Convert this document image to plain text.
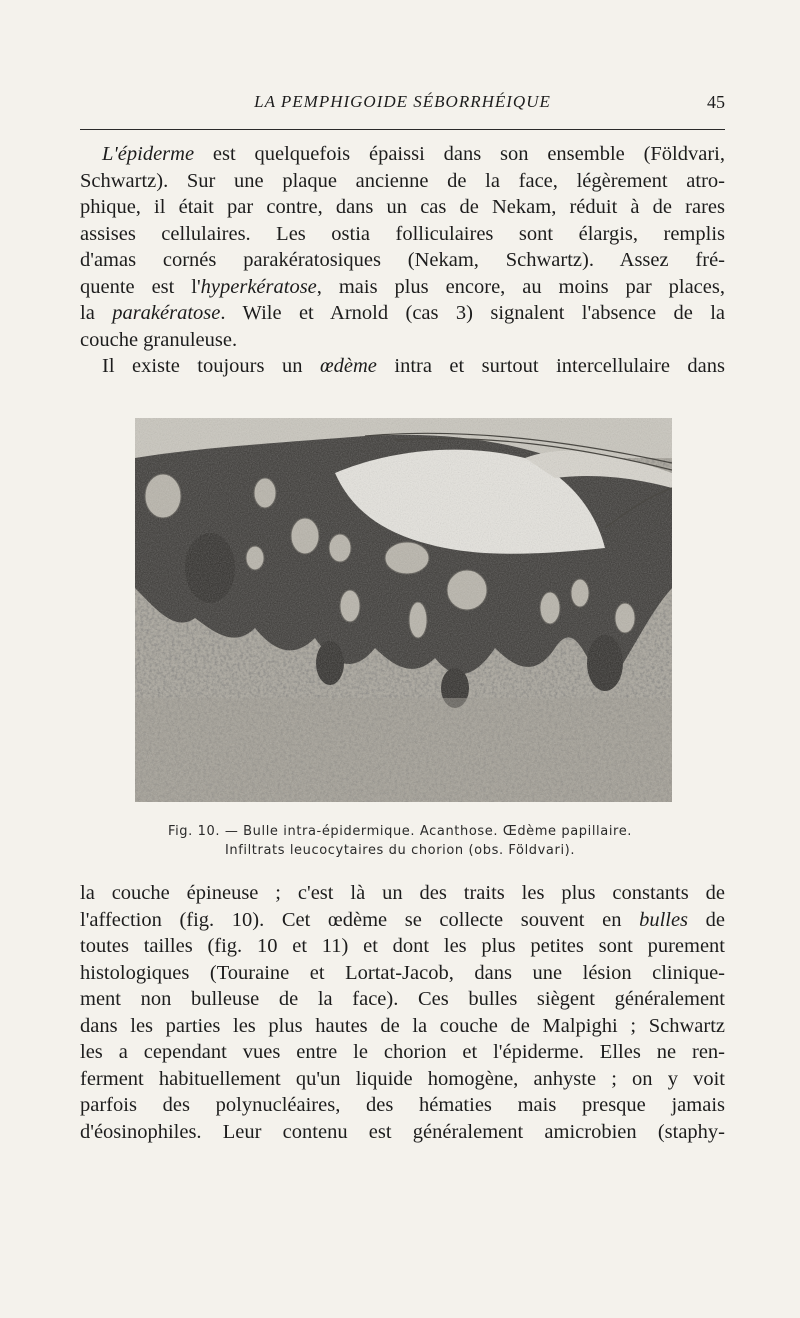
LA PEMPHIGOIDE SÉBORRHÉIQUE	45
L'épiderme est quelquefois épaissi dans son ensemble (Földvari,
Schwartz). Sur une plaque ancienne de la face, légèrement atro-
phique, il était par contre, dans un cas de Nekam, réduit à de rares
assises cellulaires. Les ostia folliculaires sont élargis, remplis
d'amas cornés parakératosiques (Nekam, Schwartz). Assez fré-
quente est l'hyperkératose, mais plus encore, au moins par places,
la parakératose. Wile et Arnold (cas 3) signalent l'absence de la
couche granuleuse.
Il existe toujours un œdème intra et surtout intercellulaire dans
Fig. 10. — Bulle intra-épidermique. Acanthose. Œdème papillaire.
Infiltrats leucocytaires du chorion (obs. Földvari).
la couche épineuse ; c'est là un des traits les plus constants de
l'affection (fig. 10). Cet œdème se collecte souvent en bulles de
toutes tailles (fig. 10 et 11) et dont les plus petites sont purement
histologiques (Touraine et Lortat-Jacob, dans une lésion clinique-
ment non bulleuse de la face). Ces bulles siègent généralement
dans les parties les plus hautes de la couche de Malpighi ; Schwartz
les a cependant vues entre le chorion et l'épiderme. Elles ne ren-
ferment habituellement qu'un liquide homogène, anhyste ; on y voit
parfois des polynucléaires, des hématies mais presque jamais
d'éosinophiles. Leur contenu est généralement amicrobien (staphy-
